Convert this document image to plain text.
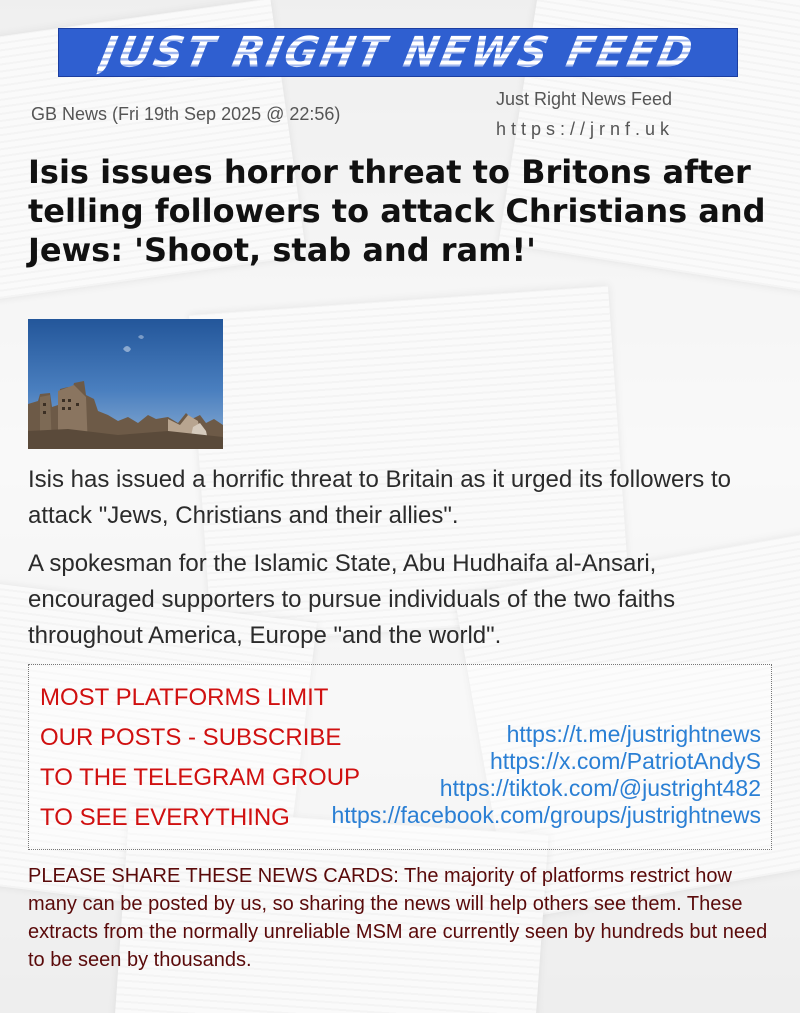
JUST RIGHT NEWS FEED
GB News (Fri 19th Sep 2025 @ 22:56)
Just Right News Feed
https://jrnf.uk
Isis issues horror threat to Britons after telling followers to attack Christians and Jews: 'Shoot, stab and ram!'

Isis has issued a horrific threat to Britain as it urged its followers to attack "Jews, Christians and their allies".

A spokesman for the Islamic State, Abu Hudhaifa al-Ansari, encouraged supporters to pursue individuals of the two faiths throughout America, Europe "and the world".

MOST PLATFORMS LIMIT
OUR POSTS - SUBSCRIBE
TO THE TELEGRAM GROUP
TO SEE EVERYTHING
https://t.me/justrightnews
https://x.com/PatriotAndyS
https://tiktok.com/@justright482
https://facebook.com/groups/justrightnews
PLEASE SHARE THESE NEWS CARDS: The majority of platforms restrict how many can be posted by us, so sharing the news will help others see them. These extracts from the normally unreliable MSM are currently seen by hundreds but need to be seen by thousands.
